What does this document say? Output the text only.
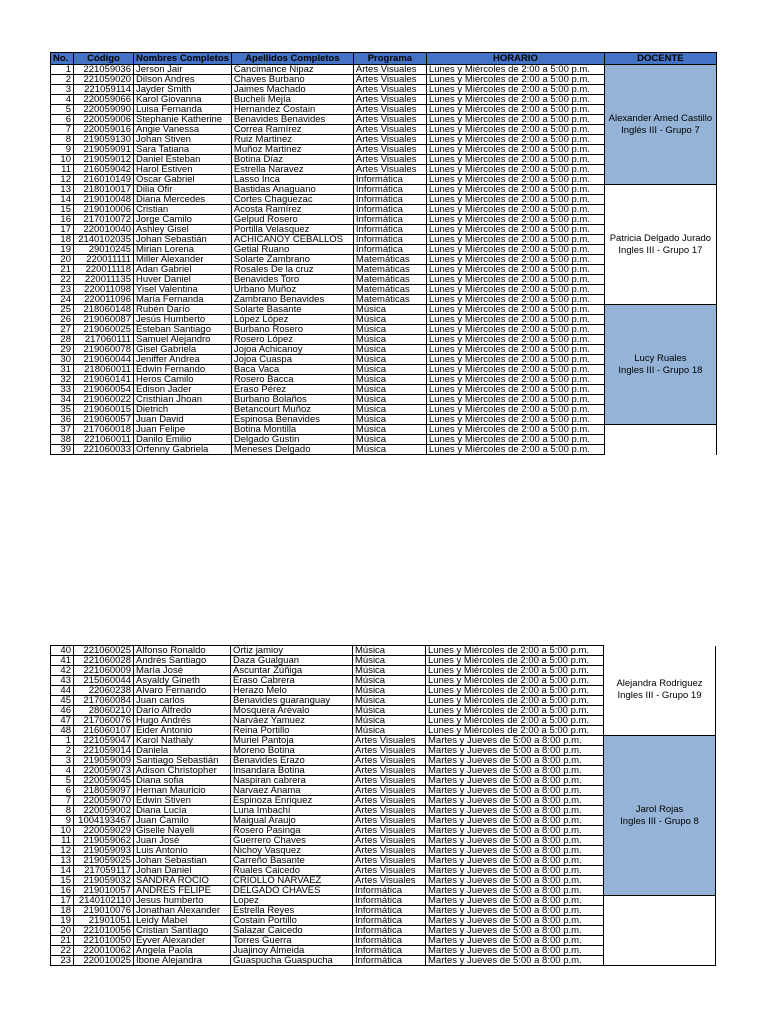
No.	Código	Nombres Completos	Apellidos Completos	Programa	HORARIO	DOCENTE
1	221059036	Jerson Jair	Cancimance Nipaz	Artes Visuales	Lunes y Miércoles de 2:00 a 5:00 p.m.	Alexander Amed Castillo
Inglés III - Grupo 7
2	221059020	Dilson Andres	Chaves Burbano	Artes Visuales	Lunes y Miércoles de 2:00 a 5:00 p.m.	
3	221059114	Jayder Smith	Jaimes Machado	Artes Visuales	Lunes y Miércoles de 2:00 a 5:00 p.m.	
4	220059066	Karol Giovanna	Bucheli Mejía	Artes Visuales	Lunes y Miércoles de 2:00 a 5:00 p.m.	
5	220059090	Luisa Fernanda	Hernandez Costain	Artes Visuales	Lunes y Miércoles de 2:00 a 5:00 p.m.	
6	220059006	Stephanie Katherine	Benavides Benavides	Artes Visuales	Lunes y Miércoles de 2:00 a 5:00 p.m.	
7	220059016	Angie Vanessa	Correa Ramírez	Artes Visuales	Lunes y Miércoles de 2:00 a 5:00 p.m.	
8	219059130	Johan Stiven	Ruiz Martinez	Artes Visuales	Lunes y Miércoles de 2:00 a 5:00 p.m.	
9	219059091	Sara Tatiana	Muñoz Martinez	Artes Visuales	Lunes y Miércoles de 2:00 a 5:00 p.m.	
10	219059012	Daniel Esteban	Botina Díaz	Artes Visuales	Lunes y Miércoles de 2:00 a 5:00 p.m.	
11	216059042	Harol Estiven	Estrella Naravez	Artes Visuales	Lunes y Miércoles de 2:00 a 5:00 p.m.	
12	216010149	Oscar Gabriel	Lasso Inca	Informática	Lunes y Miércoles de 2:00 a 5:00 p.m.	
13	218010017	Dilia Ofir	Bastidas Anaguano	Informática	Lunes y Miércoles de 2:00 a 5:00 p.m.	Patricia Delgado Jurado
Ingles III - Grupo 17
14	219010048	Diana Mercedes	Cortes Chaguezac	Informática	Lunes y Miércoles de 2:00 a 5:00 p.m.	
15	219010006	Cristian	Acosta Ramírez	Informática	Lunes y Miércoles de 2:00 a 5:00 p.m.	
16	217010072	Jorge Camilo	Gelpud Rosero	Informática	Lunes y Miércoles de 2:00 a 5:00 p.m.	
17	220010040	Ashley Gisel	Portilla Velasquez	Informática	Lunes y Miércoles de 2:00 a 5:00 p.m.	
18	2140102035	Johan Sebastián	ACHICANOY CEBALLOS	Informática	Lunes y Miércoles de 2:00 a 5:00 p.m.	
19	29010245	Mirian Lorena	Getial Ruano	Informática	Lunes y Miércoles de 2:00 a 5:00 p.m.	
20	220011111	Miller Alexander	Solarte Zambrano	Matemáticas	Lunes y Miércoles de 2:00 a 5:00 p.m.	
21	220011118	Adan Gabriel	Rosales De la cruz	Matemáticas	Lunes y Miércoles de 2:00 a 5:00 p.m.	
22	220011135	Huver Daniel	Benavides Toro	Matemáticas	Lunes y Miércoles de 2:00 a 5:00 p.m.	
23	220011098	Yisel Valentina	Urbano Muñoz	Matemáticas	Lunes y Miércoles de 2:00 a 5:00 p.m.	
24	220011096	María Fernanda	Zambrano Benavides	Matemáticas	Lunes y Miércoles de 2:00 a 5:00 p.m.	
25	218060148	Rubén Darío	Solarte Basante	Música	Lunes y Miércoles de 2:00 a 5:00 p.m.	Lucy Ruales
Ingles III - Grupo 18
26	219060087	Jesús Humberto	López López	Música	Lunes y Miércoles de 2:00 a 5:00 p.m.	
27	219060025	Esteban Santiago	Burbano Rosero	Música	Lunes y Miércoles de 2:00 a 5:00 p.m.	
28	217060111	Samuel Alejandro	Rosero López	Música	Lunes y Miércoles de 2:00 a 5:00 p.m.	
29	219060078	Gisel Gabriela	Jojoa Achicanoy	Música	Lunes y Miércoles de 2:00 a 5:00 p.m.	
30	219060044	Jeniffer Andrea	Jojoa Cuaspa	Música	Lunes y Miércoles de 2:00 a 5:00 p.m.	
31	218060011	Edwin Fernando	Baca Vaca	Música	Lunes y Miércoles de 2:00 a 5:00 p.m.	
32	219060141	Heros Camilo	Rosero Bacca	Música	Lunes y Miércoles de 2:00 a 5:00 p.m.	
33	219060054	Edison Jader	Eraso Pérez	Música	Lunes y Miércoles de 2:00 a 5:00 p.m.	
34	219060022	Cristhian Jhoan	Burbano Bolaños	Música	Lunes y Miércoles de 2:00 a 5:00 p.m.	
35	219060015	Dietrich	Betancourt Muñoz	Música	Lunes y Miércoles de 2:00 a 5:00 p.m.	
36	219060057	Juan David	Espinosa Benavides	Música	Lunes y Miércoles de 2:00 a 5:00 p.m.	
37	217060018	Juan Felipe	Botina Montilla	Música	Lunes y Miércoles de 2:00 a 5:00 p.m.	

38	221060011	Danilo Emilio	Delgado Gustin	Música	Lunes y Miércoles de 2:00 a 5:00 p.m.	
39	221060033	Orfenny Gabriela	Meneses Delgado	Música	Lunes y Miércoles de 2:00 a 5:00 p.m.	
40	221060025	Alfonso Ronaldo	Ortiz jamioy	Música	Lunes y Miércoles de 2:00 a 5:00 p.m.	Alejandra Rodriguez
Ingles III - Grupo 19
41	221060028	Andrés Santiago	Daza Gualguan	Música	Lunes y Miércoles de 2:00 a 5:00 p.m.	
42	221060009	María José	Ascuntar Zúñiga	Música	Lunes y Miércoles de 2:00 a 5:00 p.m.	
43	215060044	Asyaldy Gineth	Eraso Cabrera	Música	Lunes y Miércoles de 2:00 a 5:00 p.m.	
44	22060238	Alvaro Fernando	Herazo Melo	Música	Lunes y Miércoles de 2:00 a 5:00 p.m.	
45	217060084	Juan carlos	Benavides guaranguay	Música	Lunes y Miércoles de 2:00 a 5:00 p.m.	
46	28060210	Darío Alfredo	Mosquera Arévalo	Música	Lunes y Miércoles de 2:00 a 5:00 p.m.	
47	217060076	Hugo Andrés	Narváez Yamuez	Música	Lunes y Miércoles de 2:00 a 5:00 p.m.	
48	216060107	Eider Antonio	Reina Portillo	Música	Lunes y Miércoles de 2:00 a 5:00 p.m.	
1	221059047	Karol Nathaly	Muriel Pantoja	Artes Visuales	Martes y Jueves de 5:00 a 8:00 p.m.	Jarol Rojas
Ingles III - Grupo 8
2	221059014	Daniela	Moreno Botina	Artes Visuales	Martes y Jueves de 5:00 a 8:00 p.m.	
3	219059009	Santiago Sebastián	Benavides Erazo	Artes Visuales	Martes y Jueves de 5:00 a 8:00 p.m.	
4	220059073	Adison Christopher	Insandara Botina	Artes Visuales	Martes y Jueves de 5:00 a 8:00 p.m.	
5	220059045	Diana sofia	Naspiran cabrera	Artes Visuales	Martes y Jueves de 5:00 a 8:00 p.m.	
6	218059097	Hernan Mauricio	Narvaez Anama	Artes Visuales	Martes y Jueves de 5:00 a 8:00 p.m.	
7	220059070	Edwin Stiven	Espinoza Enriquez	Artes Visuales	Martes y Jueves de 5:00 a 8:00 p.m.	
8	220059002	Diana Lucía	Luna Imbachí	Artes Visuales	Martes y Jueves de 5:00 a 8:00 p.m.	
9	1004193467	Juan Camilo	Maigual Araujo	Artes Visuales	Martes y Jueves de 5:00 a 8:00 p.m.	
10	220059029	Giselle Nayeli	Rosero Pasinga	Artes Visuales	Martes y Jueves de 5:00 a 8:00 p.m.	
11	219059062	Juan José	Guerrero Chaves	Artes Visuales	Martes y Jueves de 5:00 a 8:00 p.m.	
12	219059093	Luis Antonio	Nichoy Vasquez	Artes Visuales	Martes y Jueves de 5:00 a 8:00 p.m.	
13	219059025	Johan Sebastian	Carreño Basante	Artes Visuales	Martes y Jueves de 5:00 a 8:00 p.m.	
14	217059117	Johan Daniel	Ruales Caicedo	Artes Visuales	Martes y Jueves de 5:00 a 8:00 p.m.	
15	219059032	SANDRA ROCIO	CRIOLLO NARVAEZ	Artes Visuales	Martes y Jueves de 5:00 a 8:00 p.m.	
16	219010057	ANDRES FELIPE	DELGADO CHAVES	Informática	Martes y Jueves de 5:00 a 8:00 p.m.	
17	2140102110	Jesus humberto	Lopez	Informática	Martes y Jueves de 5:00 a 8:00 p.m.	

18	219010076	Jonathan Alexander	Estrella Reyes	Informática	Martes y Jueves de 5:00 a 8:00 p.m.	
19	21901051	Leidy Mabel	Costain Portillo	Informática	Martes y Jueves de 5:00 a 8:00 p.m.	
20	221010056	Cristian Santiago	Salazar Caicedo	Informática	Martes y Jueves de 5:00 a 8:00 p.m.	
21	221010050	Eyver Alexander	Torres Guerra	Informática	Martes y Jueves de 5:00 a 8:00 p.m.	
22	220010062	Angela Paola	Juajinoy Almeida	Informática	Martes y Jueves de 5:00 a 8:00 p.m.	
23	220010025	Ibone Alejandra	Guaspucha Guaspucha	Informática	Martes y Jueves de 5:00 a 8:00 p.m.	
